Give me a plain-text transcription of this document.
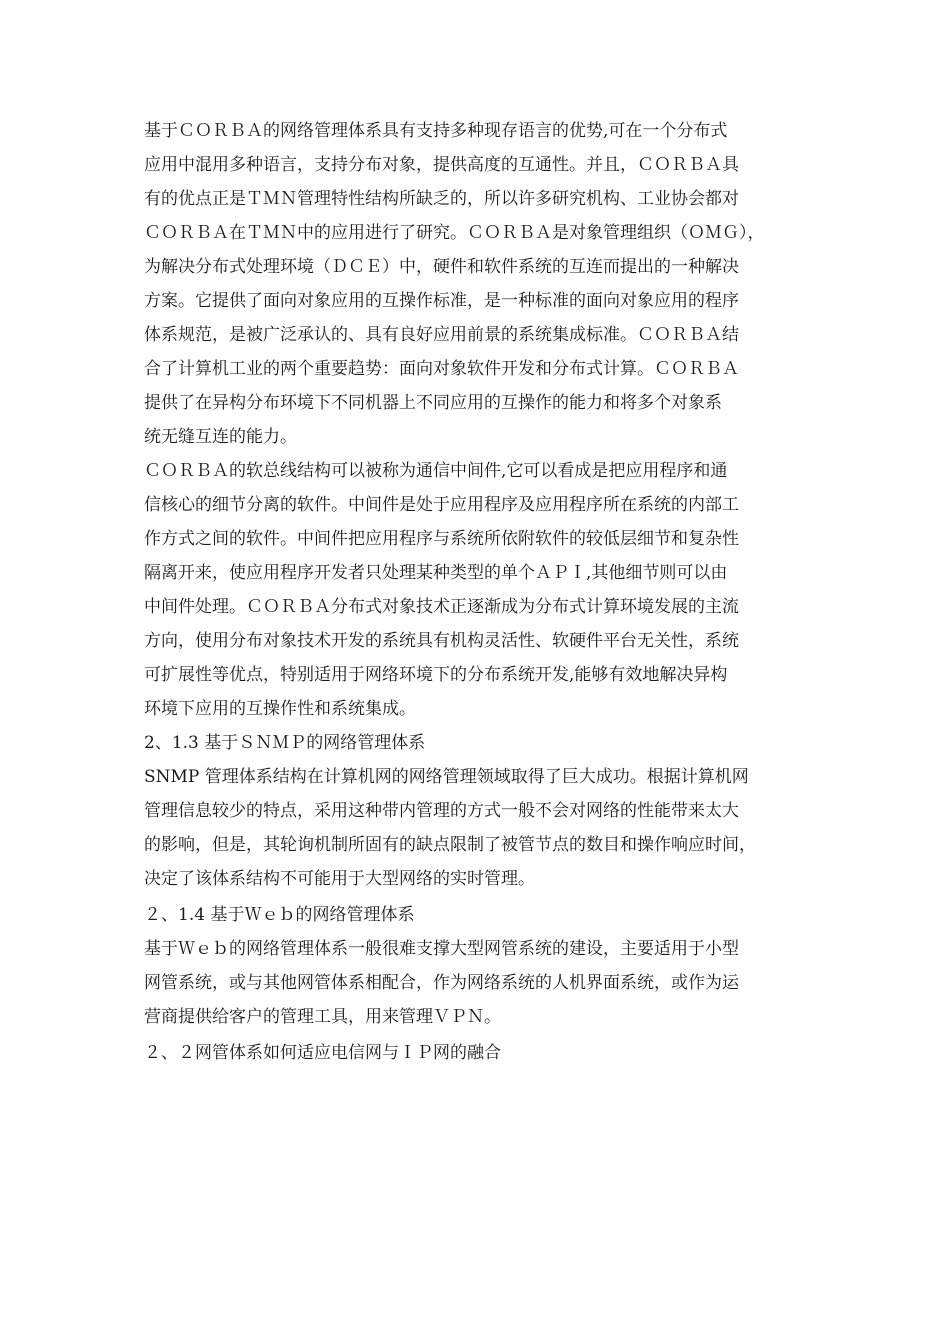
基于ＣＯＲＢＡ的网络管理体系具有支持多种现存语言的优势,可在一个分布式
应用中混用多种语言，支持分布对象，提供高度的互通性。并且，ＣＯＲＢＡ具
有的优点正是ＴＭＮ管理特性结构所缺乏的，所以许多研究机构、工业协会都对
ＣＯＲＢＡ在ＴＭＮ中的应用进行了研究。ＣＯＲＢＡ是对象管理组织（ＯＭＧ），
为解决分布式处理环境（ＤＣＥ）中，硬件和软件系统的互连而提出的一种解决
方案。它提供了面向对象应用的互操作标准，是一种标准的面向对象应用的程序
体系规范，是被广泛承认的、具有良好应用前景的系统集成标准。ＣＯＲＢＡ结
合了计算机工业的两个重要趋势：面向对象软件开发和分布式计算。ＣＯＲＢＡ
提供了在异构分布环境下不同机器上不同应用的互操作的能力和将多个对象系
统无缝互连的能力。
ＣＯＲＢＡ的软总线结构可以被称为通信中间件,它可以看成是把应用程序和通
信核心的细节分离的软件。中间件是处于应用程序及应用程序所在系统的内部工
作方式之间的软件。中间件把应用程序与系统所依附软件的较低层细节和复杂性
隔离开来，使应用程序开发者只处理某种类型的单个ＡＰＩ,其他细节则可以由
中间件处理。ＣＯＲＢＡ分布式对象技术正逐渐成为分布式计算环境发展的主流
方向，使用分布对象技术开发的系统具有机构灵活性、软硬件平台无关性，系统
可扩展性等优点，特别适用于网络环境下的分布系统开发,能够有效地解决异构
环境下应用的互操作性和系统集成。
2、1.3 基于ＳＮＭＰ的网络管理体系
SNMP 管理体系结构在计算机网的网络管理领域取得了巨大成功。根据计算机网
管理信息较少的特点，采用这种带内管理的方式一般不会对网络的性能带来太大
的影响，但是，其轮询机制所固有的缺点限制了被管节点的数目和操作响应时间，
决定了该体系结构不可能用于大型网络的实时管理。
２、1.4 基于Ｗｅｂ的网络管理体系
基于Ｗｅｂ的网络管理体系一般很难支撑大型网管系统的建设，主要适用于小型
网管系统，或与其他网管体系相配合，作为网络系统的人机界面系统，或作为运
营商提供给客户的管理工具，用来管理ＶＰＮ。
２、２网管体系如何适应电信网与ＩＰ网的融合
